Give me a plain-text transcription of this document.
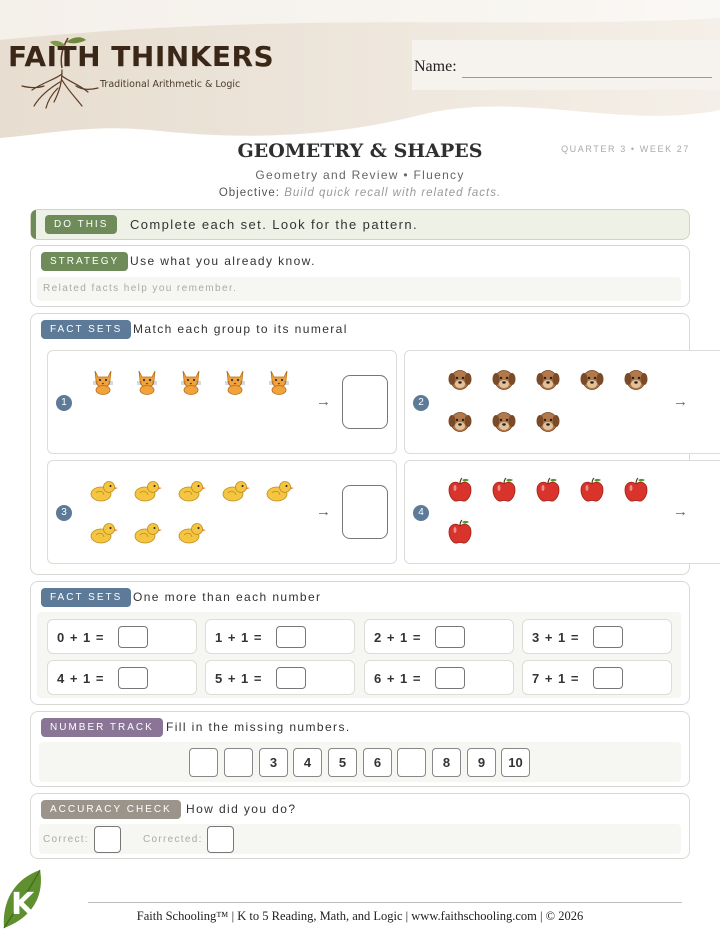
FAITH THINKERS
Traditional Arithmetic & Logic
Name:
GEOMETRY & SHAPES
Geometry and Review • Fluency
Objective: Build quick recall with related facts.
QUARTER 3 • WEEK 27
DO THIS	Complete each set. Look for the pattern.
STRATEGY Use what you already know.
Related facts help you remember.
FACT SETS Match each group to its numeral
1	→	2	→
3	→	4	→
FACT SETS One more than each number
0 + 1 =	1 + 1 =	2 + 1 =	3 + 1 =
4 + 1 =	5 + 1 =	6 + 1 =	7 + 1 =
NUMBER TRACK	Fill in the missing numbers.
3	4	5	6	8	9	10
ACCURACY CHECK	How did you do?
Correct:	Corrected:
K	Faith Schooling™ | K to 5 Reading, Math, and Logic | www.faithschooling.com | © 2026
